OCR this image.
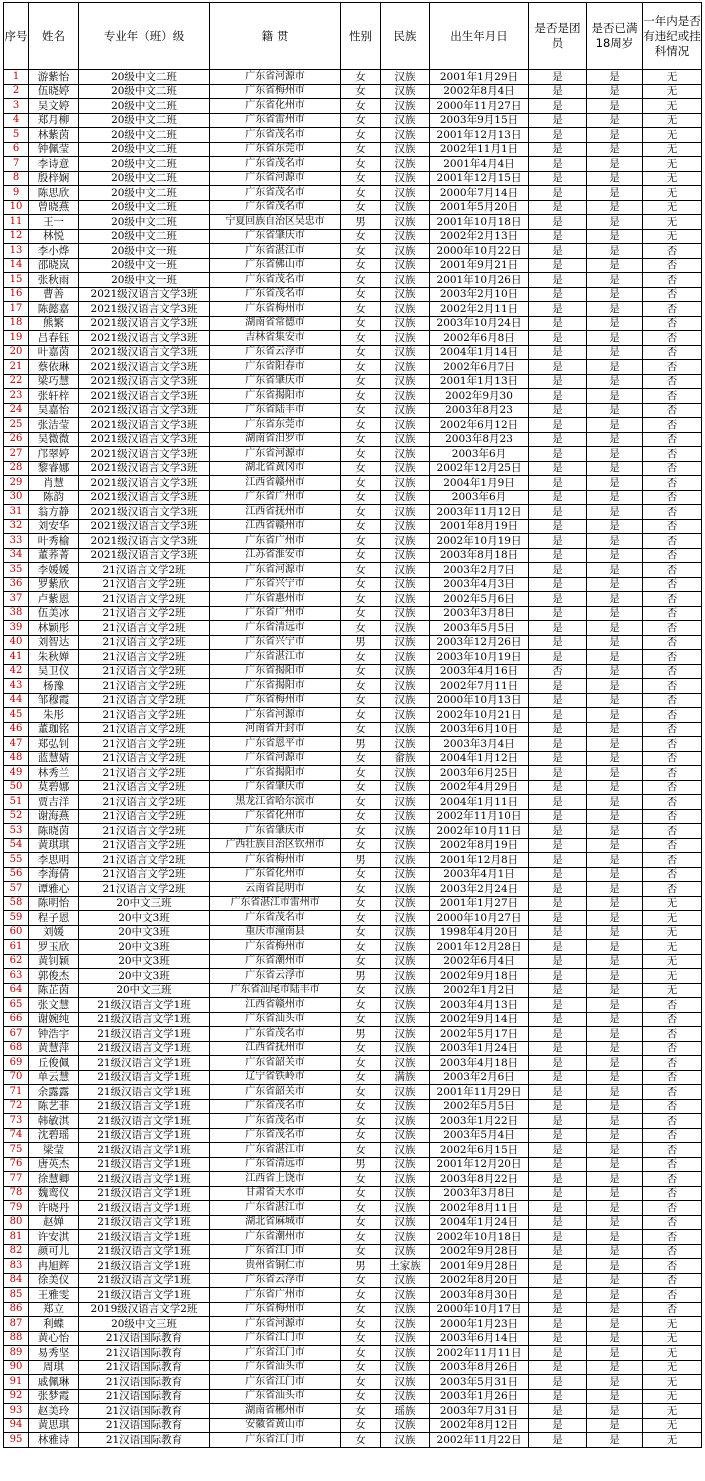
序号	姓名	专业年（班）级	籍 贯	性别	民族	出生年月日	是否是团员	是否已满18周岁	一年内是否有违纪或挂科情况
1	游紫怡	20级中文二班	广东省河源市	女	汉族	2001年1月29日	是	是	无
2	伍晓婷	20级中文二班	广东省梅州市	女	汉族	2002年8月4日	是	是	无
3	吴文婷	20级中文二班	广东省化州市	女	汉族	2000年11月27日	是	是	无
4	郑月柳	20级中文二班	广东省雷州市	女	汉族	2003年9月15日	是	是	无
5	林紫茵	20级中文二班	广东省茂名市	女	汉族	2001年12月13日	是	是	无
6	钟佩莹	20级中文二班	广东省东莞市	女	汉族	2002年11月1日	是	是	无
7	李诗意	20级中文二班	广东省茂名市	女	汉族	2001年4月4日	是	是	无
8	殷梓娴	20级中文二班	广东省河源市	女	汉族	2001年12月15日	是	是	无
9	陈思欣	20级中文二班	广东省茂名市	女	汉族	2000年7月14日	是	是	无
10	曾晓燕	20级中文二班	广东省茂名市	女	汉族	2001年5月20日	是	是	无
11	王一	20级中文二班	宁夏回族自治区吴忠市	男	汉族	2001年10月18日	是	是	无
12	林悦	20级中文二班	广东省肇庆市	女	汉族	2002年2月13日	是	是	无
13	李小烨	20级中文一班	广东省湛江市	女	汉族	2000年10月22日	是	是	否
14	邵晓岚	20级中文一班	广东省佛山市	女	汉族	2001年9月21日	是	是	否
15	张秋雨	20级中文一班	广东省茂名市	女	汉族	2001年10月26日	是	是	否
16	曹善	2021级汉语言文学3班	广东省茂名市	女	汉族	2003年2月10日	是	是	否
17	陈懿嘉	2021级汉语言文学3班	广东省梅州市	女	汉族	2002年2月11日	是	是	否
18	熊繁	2021级汉语言文学3班	湖南省常德市	女	汉族	2003年10月24日	是	是	否
19	吕春钰	2021级汉语言文学3班	吉林省集安市	女	汉族	2002年6月8日	是	是	否
20	叶嘉茵	2021级汉语言文学3班	广东省云浮市	女	汉族	2004年1月14日	是	是	否
21	蔡依琳	2021级汉语言文学3班	广东省阳春市	女	汉族	2002年6月7日	是	是	否
22	梁巧慧	2021级汉语言文学3班	广东省肇庆市	女	汉族	2001年1月13日	是	是	否
23	张轩梓	2021级汉语言文学3班	广东省揭阳市	女	汉族	2002年9月30	是	是	否
24	吴嘉怡	2021级汉语言文学3班	广东省陆丰市	女	汉族	2003年8月23	是	是	否
25	张洁莹	2021级汉语言文学3班	广东省东莞市	女	汉族	2002年6月12日	是	是	否
26	吴微微	2021级汉语言文学3班	湖南省汨罗市	女	汉族	2003年8月23	是	是	否
27	邝翠婷	2021级汉语言文学3班	广东省河源市	女	汉族	2003年6月	是	是	否
28	黎睿娜	2021级汉语言文学3班	湖北省黄冈市	女	汉族	2002年12月25日	是	是	否
29	肖慧	2021级汉语言文学3班	江西省赣州市	女	汉族	2004年1月9日	是	是	否
30	陈韵	2021级汉语言文学3班	广东省广州市	女	汉族	2003年6月	是	是	否
31	翁方静	2021级汉语言文学3班	江西省抚州市	女	汉族	2003年11月12日	是	是	否
32	刘安华	2021级汉语言文学3班	江西省赣州市	女	汉族	2001年8月19日	是	是	否
33	叶秀榆	2021级汉语言文学3班	广东省广州市	女	汉族	2002年10月19日	是	是	否
34	董荞菁	2021级汉语言文学3班	江苏省淮安市	女	汉族	2003年8月18日	是	是	否
35	李媛媛	21汉语言文学2班	广东省河源市	女	汉族	2003年2月7日	是	是	否
36	罗紫欣	21汉语言文学2班	广东省兴宁市	女	汉族	2003年4月3日	是	是	否
37	卢紫恩	21汉语言文学2班	广东省惠州市	女	汉族	2002年5月6日	是	是	否
38	伍美冰	21汉语言文学2班	广东省广州市	女	汉族	2003年3月8日	是	是	否
39	林颖彤	21汉语言文学2班	广东省清远市	女	汉族	2003年5月5日	是	是	否
40	刘智达	21汉语言文学2班	广东省兴宁市	男	汉族	2003年12月26日	是	是	否
41	朱秋婵	21汉语言文学2班	广东省湛江市	女	汉族	2003年10月19日	是	是	否
42	吴卫仪	21汉语言文学2班	广东省揭阳市	女	汉族	2003年4月16日	否	是	否
43	杨豫	21汉语言文学2班	广东省揭阳市	女	汉族	2002年7月11日	是	是	否
44	邹穆霞	21汉语言文学2班	广东省梅州市	女	汉族	2000年10月13日	是	是	否
45	朱彤	21汉语言文学2班	广东省河源市	女	汉族	2002年10月21日	是	是	否
46	董珈铭	21汉语言文学2班	河南省开封市	女	汉族	2003年6月10日	是	是	否
47	郑弘钊	21汉语言文学2班	广东省恩平市	男	汉族	2003年3月4日	是	是	否
48	蓝慧婧	21汉语言文学2班	广东省河源市	女	畲族	2004年1月12日	是	是	否
49	林秀兰	21汉语言文学2班	广东省揭阳市	女	汉族	2003年6月25日	是	是	否
50	莫碧娜	21汉语言文学2班	广东省肇庆市	女	汉族	2002年4月29日	是	是	否
51	贾吉洋	21汉语言文学2班	黑龙江省哈尔滨市	女	汉族	2004年1月11日	是	是	否
52	谢海燕	21汉语言文学2班	广东省化州市	女	汉族	2002年11月10日	是	是	否
53	陈晓茵	21汉语言文学2班	广东省肇庆市	女	汉族	2002年10月11日	是	是	否
54	黄琪琪	21汉语言文学2班	广西壮族自治区钦州市	女	汉族	2002年8月19日	是	是	否
55	李思明	21汉语言文学2班	广东省梅州市	男	汉族	2001年12月8日	是	是	否
56	李海倩	21汉语言文学2班	广东省化州市	女	汉族	2003年4月1日	是	是	否
57	谭雅心	21汉语言文学2班	云南省昆明市	女	汉族	2003年2月24日	是	是	否
58	陈明怡	20中文三班	广东省湛江市雷州市	女	汉族	2001年1月27日	是	是	无
59	程子恩	20中文3班	广东省茂名市	女	汉族	2000年10月27日	是	是	无
60	刘媛	20中文3班	重庆市潼南县	女	汉族	1998年4月20日	是	是	无
61	罗玉欣	20中文3班	广东省梅州市	女	汉族	2001年12月28日	是	是	无
62	黄钊颖	20中文3班	广东省潮州市	女	汉族	2002年6月4日	是	是	无
63	郭俊杰	20中文3班	广东省云浮市	男	汉族	2002年9月18日	是	是	无
64	陈芷茵	20中文三班	广东省汕尾市陆丰市	女	汉族	2002年1月2日	是	是	无
65	张文慧	21级汉语言文学1班	江西省赣州市	女	汉族	2003年4月13日	是	是	否
66	谢婉纯	21级汉语言文学1班	广东省汕头市	女	汉族	2002年9月14日	是	是	否
67	钟浩宇	21级汉语言文学1班	广东省茂名市	男	汉族	2002年5月17日	是	是	否
68	黄慧萍	21级汉语言文学1班	江西省抚州市	女	汉族	2003年1月24日	是	是	否
69	丘俊佩	21级汉语言文学1班	广东省韶关市	女	汉族	2003年4月18日	是	是	否
70	单云慧	21级汉语言文学1班	辽宁省铁岭市	女	满族	2003年2月6日	是	是	否
71	余露露	21级汉语言文学1班	广东省韶关市	女	汉族	2001年11月29日	是	是	否
72	陈艺菲	21级汉语言文学1班	广东省茂名市	女	汉族	2002年5月5日	是	是	否
73	韩敏淇	21级汉语言文学1班	广东省茂名市	女	汉族	2003年1月22日	是	是	否
74	沈碧瑶	21级汉语言文学1班	广东省茂名市	女	汉族	2003年5月4日	是	是	否
75	梁莹	21级汉语言文学1班	广东省湛江市	女	汉族	2002年6月15日	是	是	否
76	唐英杰	21级汉语言文学1班	广东省清远市	男	汉族	2001年12月20日	是	是	否
77	徐慧卿	21级汉语言文学1班	江西省上饶市	女	汉族	2003年8月22日	是	是	否
78	魏鸾仪	21级汉语言文学1班	甘肃省天水市	女	汉族	2003年3月8日	是	是	否
79	许晓丹	21级汉语言文学1班	广东省湛江市	女	汉族	2002年8月11日	是	是	否
80	赵婵	21级汉语言文学1班	湖北省麻城市	女	汉族	2004年1月24日	是	是	否
81	许安淇	21级汉语言文学1班	广东省潮州市	女	汉族	2002年10月18日	是	是	否
82	颜可儿	21级汉语言文学1班	广东省江门市	女	汉族	2002年9月28日	是	是	否
83	冉旭辉	21级汉语言文学1班	贵州省铜仁市	男	土家族	2001年9月28日	是	是	否
84	徐美仪	21级汉语言文学1班	广东省云浮市	女	汉族	2002年8月20日	是	是	否
85	王雅雯	21级汉语言文学1班	广东省广州市	女	汉族	2003年8月30日	是	是	否
86	郑立	2019级汉语言文学2班	广东省梅州市	女	汉族	2000年10月17日	是	是	否
87	利蝶	20级中文三班	广东省河源市	女	汉族	2000年1月23日	是	是	无
88	黄心怡	21汉语国际教育	广东省江门市	女	汉族	2003年6月14日	是	是	无
89	易秀坚	21汉语国际教育	广东省江门市	女	汉族	2002年11月11日	是	是	无
90	周琪	21汉语国际教育	广东省汕头市	女	汉族	2003年8月26日	是	是	无
91	戚佩琳	21汉语国际教育	广东省江门市	女	汉族	2003年5月31日	是	是	无
92	张梦霞	21汉语国际教育	广东省汕头市	女	汉族	2003年1月26日	是	是	无
93	赵美玲	21汉语国际教育	湖南省郴州市	女	瑶族	2003年7月31日	是	是	无
94	黄思琪	21汉语国际教育	安徽省黄山市	女	汉族	2002年8月12日	是	是	无
95	林雅诗	21汉语国际教育	广东省江门市	女	汉族	2002年11月22日	是	是	无
